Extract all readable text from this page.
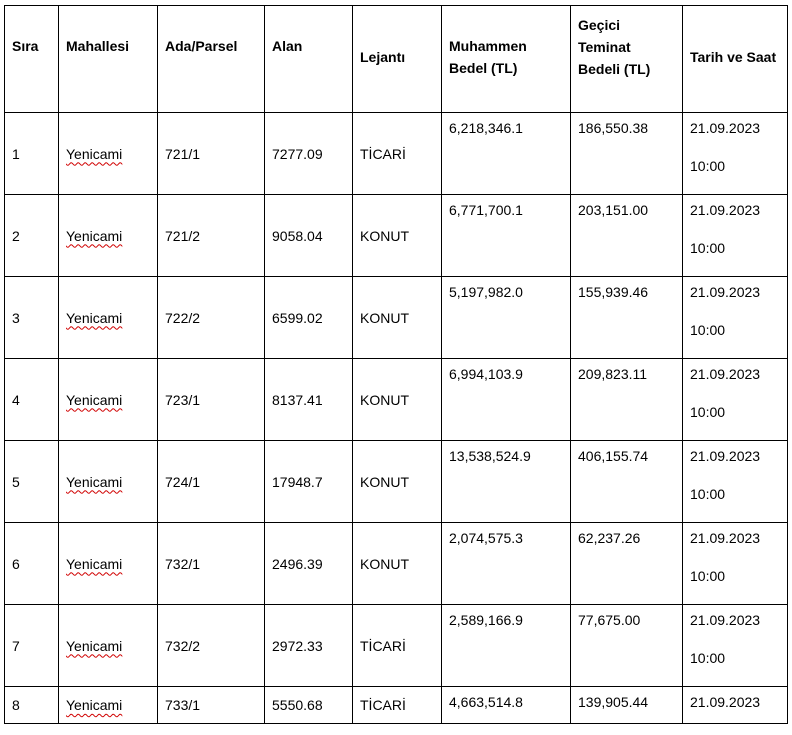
Sıra	Mahallesi	Ada/Parsel	Alan	Lejantı	Muhammen Bedel (TL)	Geçici Teminat Bedeli (TL)	Tarih ve Saat

1	Yenicami	721/1	7277.09	TİCARİ	6,218,346.1	186,550.38	21.09.2023
10:00

2	Yenicami	721/2	9058.04	KONUT	6,771,700.1	203,151.00	21.09.2023
10:00

3	Yenicami	722/2	6599.02	KONUT	5,197,982.0	155,939.46	21.09.2023
10:00

4	Yenicami	723/1	8137.41	KONUT	6,994,103.9	209,823.11	21.09.2023
10:00

5	Yenicami	724/1	17948.7	KONUT	13,538,524.9	406,155.74	21.09.2023
10:00

6	Yenicami	732/1	2496.39	KONUT	2,074,575.3	62,237.26	21.09.2023
10:00

7	Yenicami	732/2	2972.33	TİCARİ	2,589,166.9	77,675.00	21.09.2023
10:00

8	Yenicami	733/1	5550.68	TİCARİ	4,663,514.8	139,905.44	21.09.2023
